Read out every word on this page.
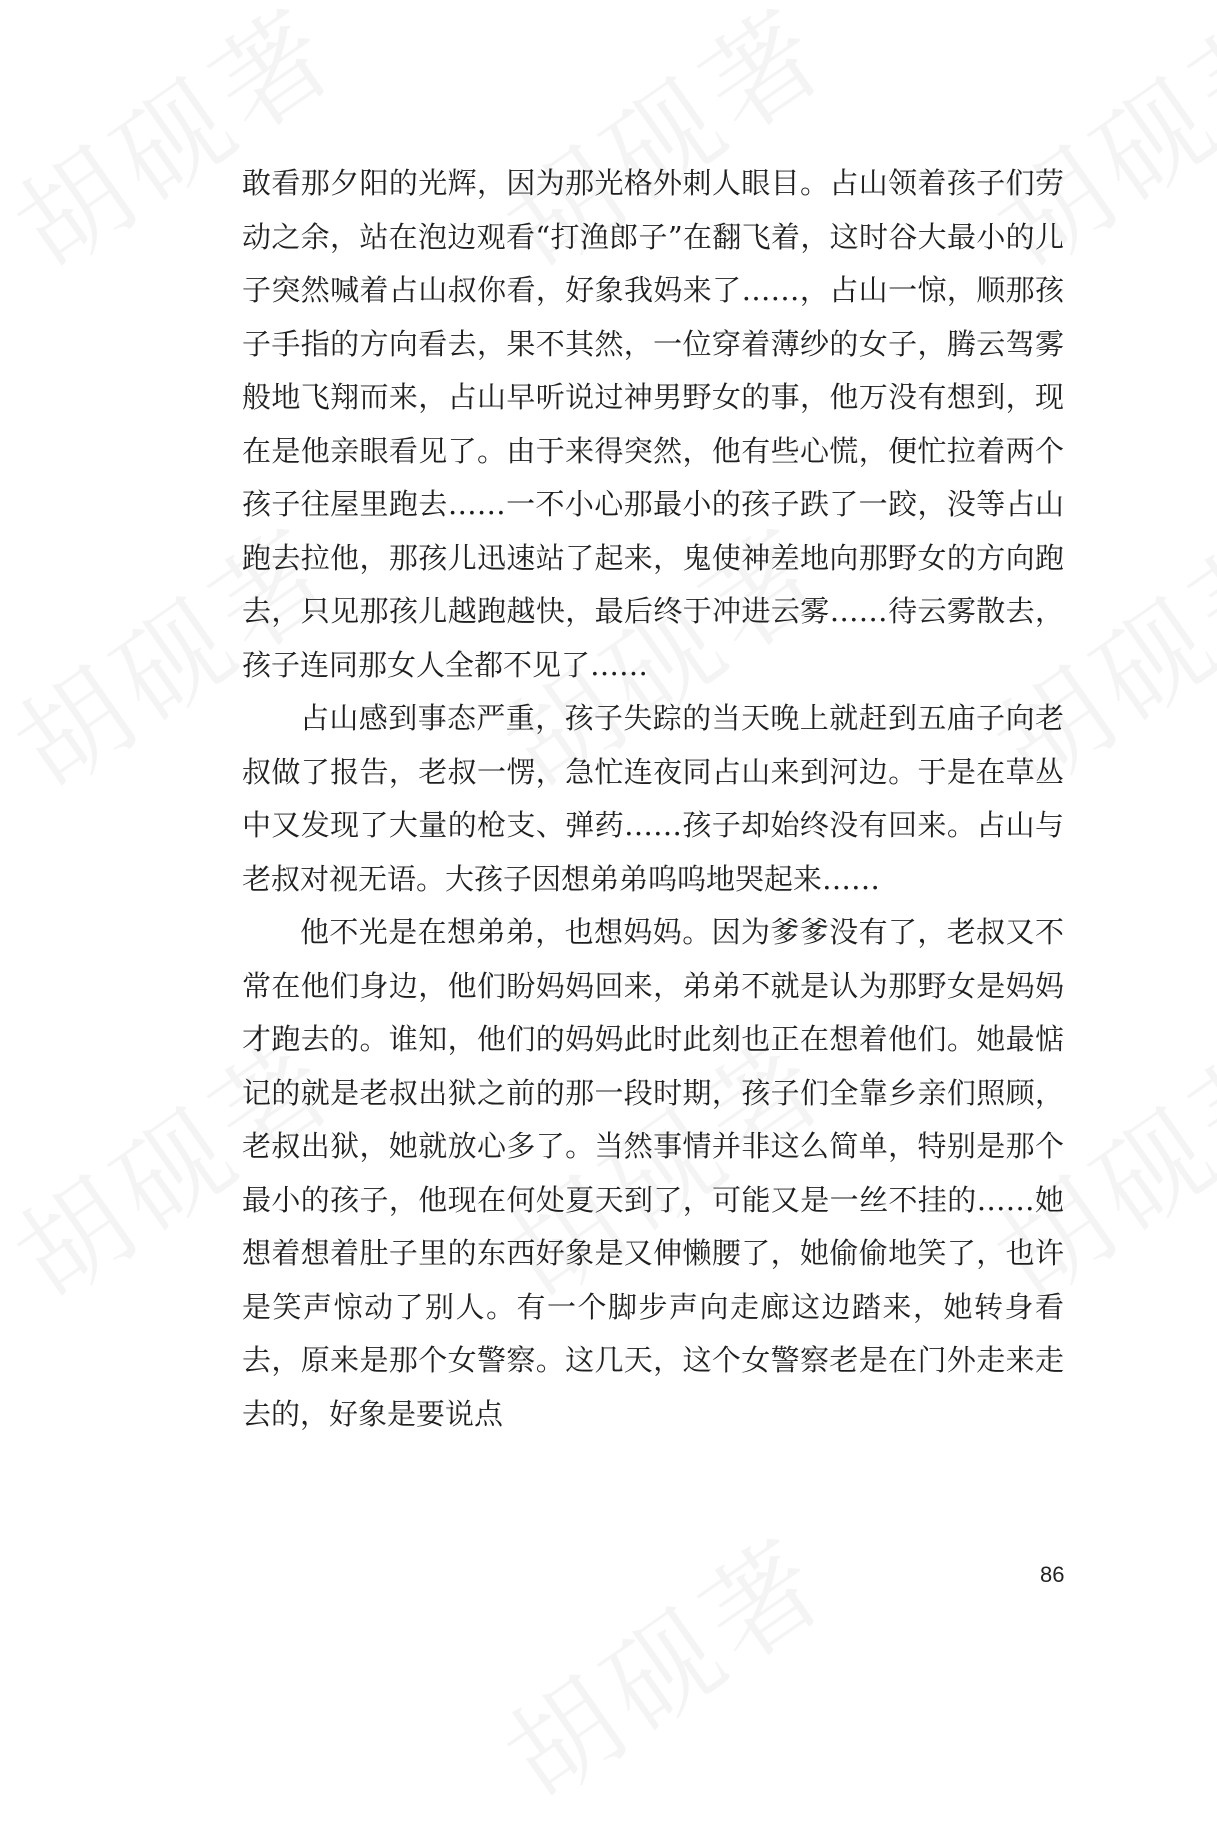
敢看那夕阳的光辉，因为那光格外刺人眼目。占山领着孩子们劳动之余，站在泡边观看“打渔郎子”在翻飞着，这时谷大最小的儿子突然喊着占山叔你看，好象我妈来了……，占山一惊，顺那孩子手指的方向看去，果不其然，一位穿着薄纱的女子，腾云驾雾般地飞翔而来，占山早听说过神男野女的事，他万没有想到，现在是他亲眼看见了。由于来得突然，他有些心慌，便忙拉着两个孩子往屋里跑去……一不小心那最小的孩子跌了一跤，没等占山跑去拉他，那孩儿迅速站了起来，鬼使神差地向那野女的方向跑去，只见那孩儿越跑越快，最后终于冲进云雾……待云雾散去，孩子连同那女人全都不见了……

占山感到事态严重，孩子失踪的当天晚上就赶到五庙子向老叔做了报告，老叔一愣，急忙连夜同占山来到河边。于是在草丛中又发现了大量的枪支、弹药……孩子却始终没有回来。占山与老叔对视无语。大孩子因想弟弟呜呜地哭起来……

他不光是在想弟弟，也想妈妈。因为爹爹没有了，老叔又不常在他们身边，他们盼妈妈回来，弟弟不就是认为那野女是妈妈才跑去的。谁知，他们的妈妈此时此刻也正在想着他们。她最惦记的就是老叔出狱之前的那一段时期，孩子们全靠乡亲们照顾，老叔出狱，她就放心多了。当然事情并非这么简单，特别是那个最小的孩子，他现在何处夏天到了，可能又是一丝不挂的……她想着想着肚子里的东西好象是又伸懒腰了，她偷偷地笑了，也许是笑声惊动了别人。有一个脚步声向走廊这边踏来，她转身看去，原来是那个女警察。这几天，这个女警察老是在门外走来走去的，好象是要说点

86
